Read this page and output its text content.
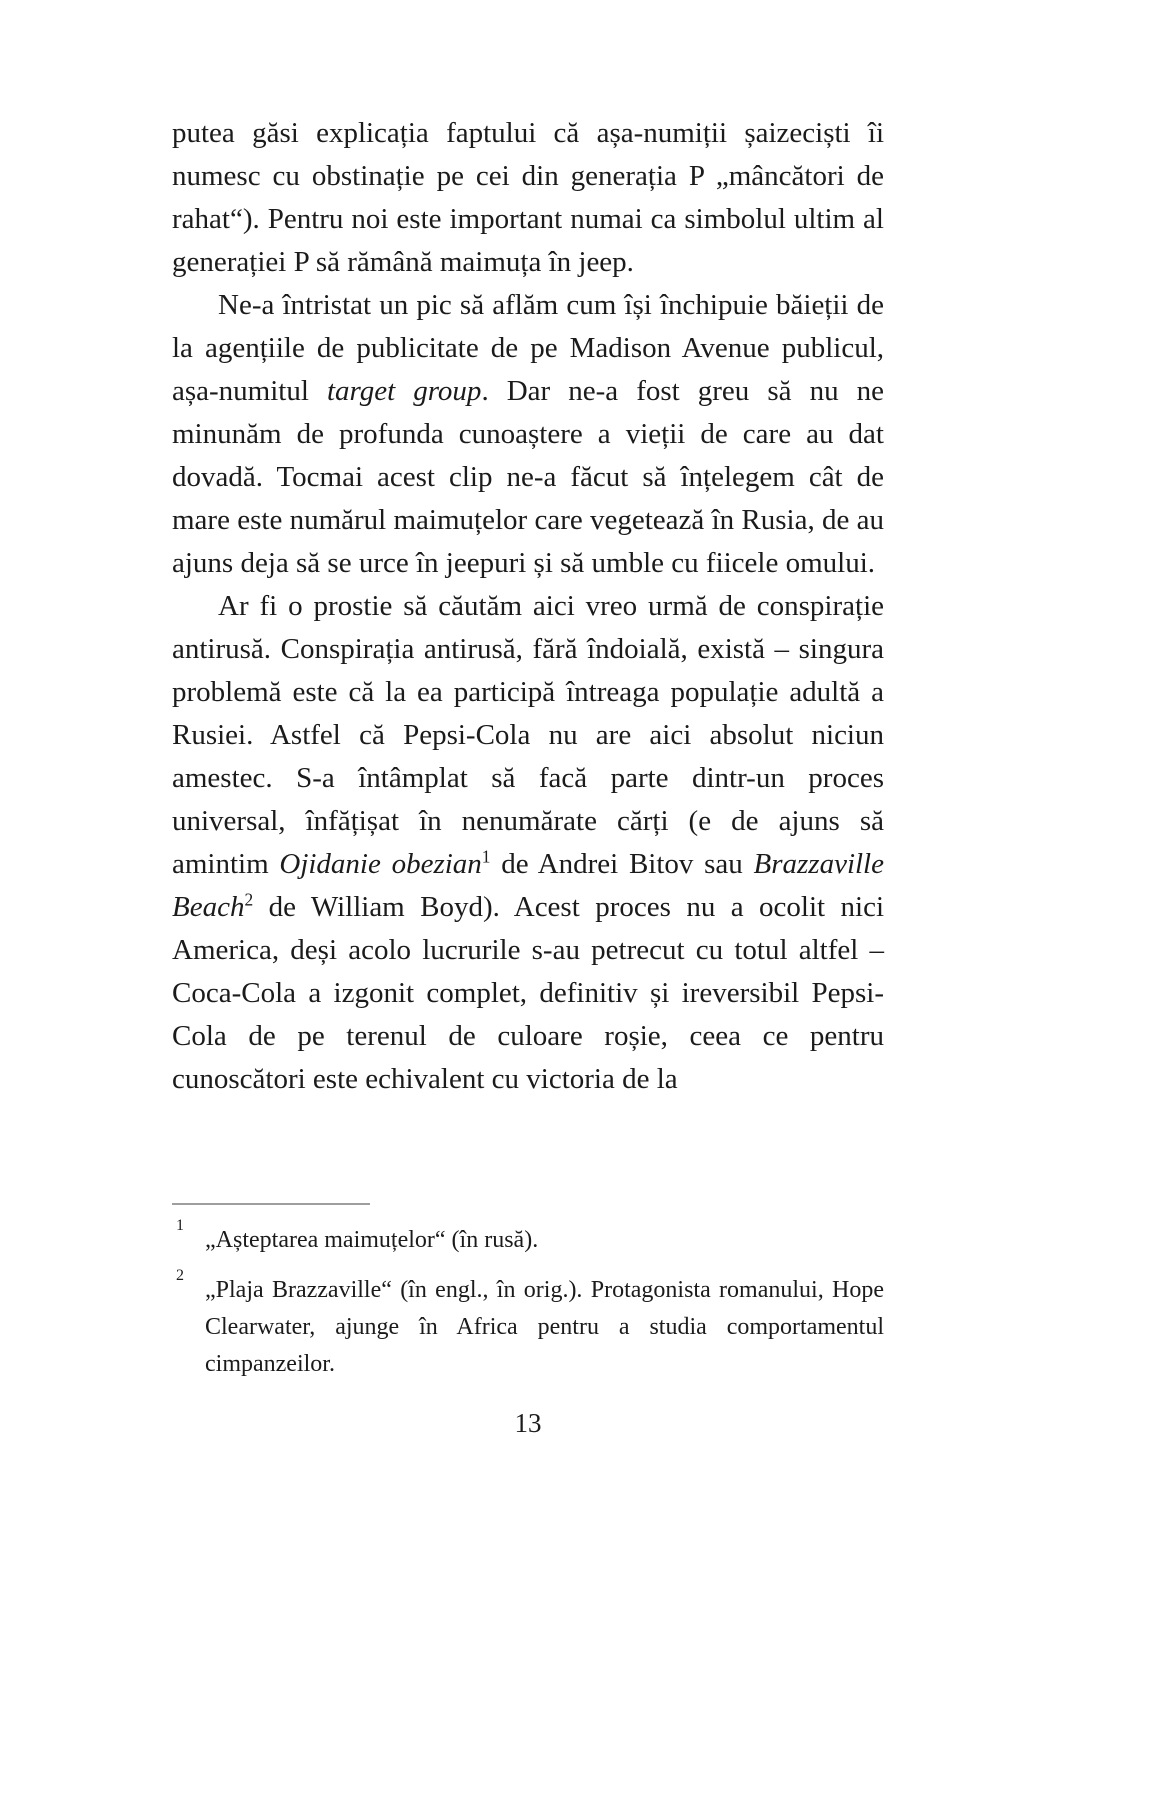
putea găsi explicația faptului că așa-numiții șaizeciști îi numesc cu obstinație pe cei din generația P „mâncători de rahat“). Pentru noi este important numai ca simbolul ultim al generației P să rămână maimuța în jeep.

Ne-a întristat un pic să aflăm cum își închipuie băieții de la agențiile de publicitate de pe Madison Avenue publicul, așa-numitul target group. Dar ne-a fost greu să nu ne minunăm de profunda cunoaștere a vieții de care au dat dovadă. Tocmai acest clip ne-a făcut să înțelegem cât de mare este numărul maimuțelor care vegetează în Rusia, de au ajuns deja să se urce în jeepuri și să umble cu fiicele omului.

Ar fi o prostie să căutăm aici vreo urmă de conspirație antirusă. Conspirația antirusă, fără îndoială, există – singura problemă este că la ea participă întreaga populație adultă a Rusiei. Astfel că Pepsi-Cola nu are aici absolut niciun amestec. S-a întâmplat să facă parte dintr-un proces universal, înfățișat în nenumărate cărți (e de ajuns să amintim Ojidanie obezian$^1$ de Andrei Bitov sau Brazzaville Beach$^2$ de William Boyd). Acest proces nu a ocolit nici America, deși acolo lucrurile s-au petrecut cu totul altfel – Coca-Cola a izgonit complet, definitiv și ireversibil Pepsi-Cola de pe terenul de culoare roșie, ceea ce pentru cunoscători este echivalent cu victoria de la

1
„Așteptarea maimuțelor“ (în rusă).
2
„Plaja Brazzaville“ (în engl., în orig.). Protagonista romanului, Hope Clearwater, ajunge în Africa pentru a studia comportamentul cimpanzeilor.
13
